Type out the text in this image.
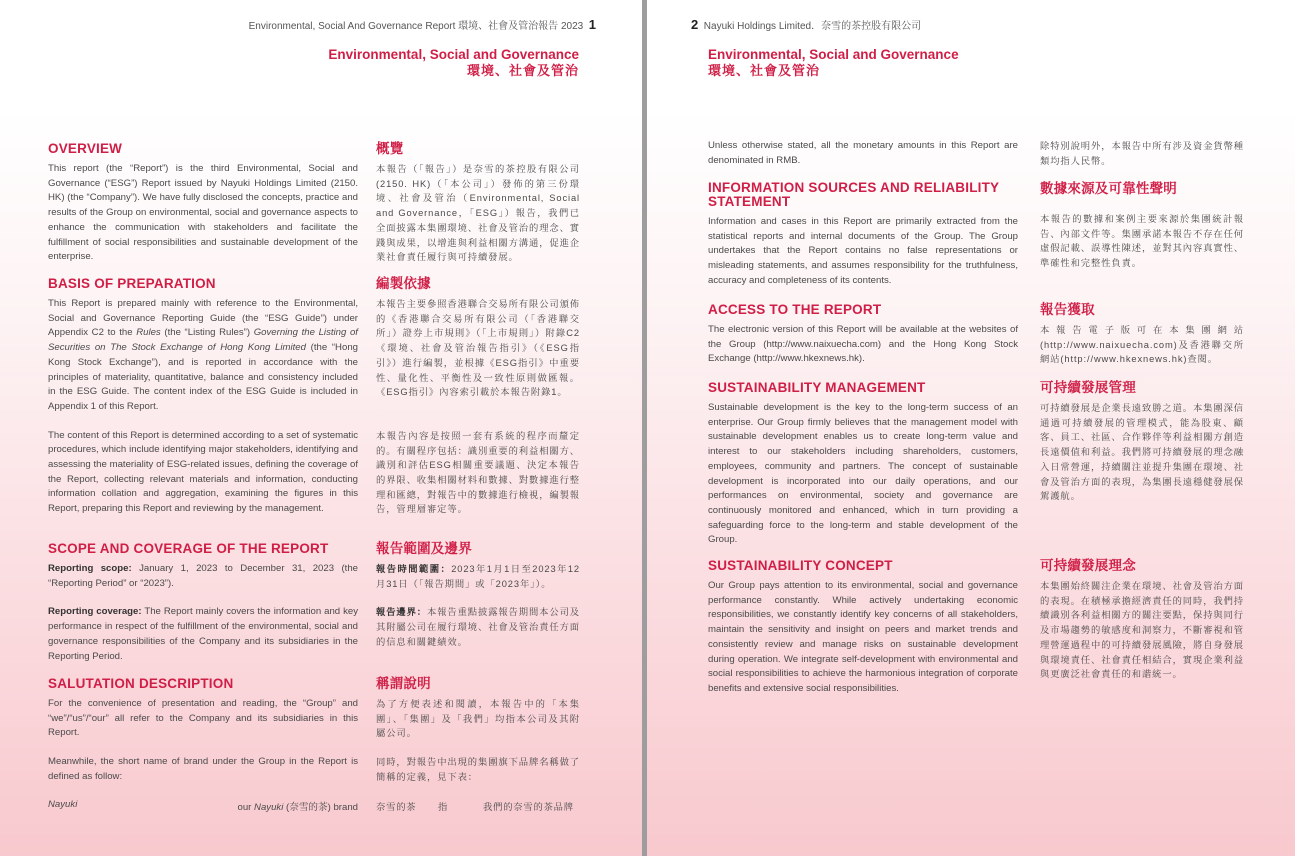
Environmental, Social And Governance Report 環境、社會及管治報告 2023 1
Environmental, Social and Governance
環境、社會及管治
OVERVIEW

This report (the “Report”) is the third Environmental, Social and Governance (“ESG”) Report issued by Nayuki Holdings Limited (2150. HK) (the “Company”). We have fully disclosed the concepts, practice and results of the Group on environmental, social and governance aspects to enhance the communication with stakeholders and facilitate the fulfillment of social responsibilities and sustainable development of the enterprise.

概覽

本報告（「報告」）是奈雪的茶控股有限公司(2150. HK)（「本公司」）發佈的第三份環境、社會及管治（Environmental, Social and Governance，「ESG」）報告，我們已全面披露本集團環境、社會及管治的理念、實踐與成果，以增進與利益相關方溝通，促進企業社會責任履行與可持續發展。

BASIS OF PREPARATION

This Report is prepared mainly with reference to the Environmental, Social and Governance Reporting Guide (the “ESG Guide”) under Appendix C2 to the Rules (the “Listing Rules”) Governing the Listing of Securities on The Stock Exchange of Hong Kong Limited (the “Hong Kong Stock Exchange”), and is reported in accordance with the principles of materiality, quantitative, balance and consistency included in the ESG Guide. The content index of the ESG Guide is included in Appendix 1 of this Report.

The content of this Report is determined according to a set of systematic procedures, which include identifying major stakeholders, identifying and assessing the materiality of ESG-related issues, defining the coverage of the Report, collecting relevant materials and information, conducting information collation and aggregation, examining the figures in this Report, preparing this Report and reviewing by the management.

編製依據

本報告主要參照香港聯合交易所有限公司頒佈的《香港聯合交易所有限公司（「香港聯交所」）證券上市規則》（「上市規則」）附錄C2《環境、社會及管治報告指引》（《ESG指引》）進行編製，並根據《ESG指引》中重要性、量化性、平衡性及一致性原則做匯報。《ESG指引》內容索引載於本報告附錄1。

本報告內容是按照一套有系統的程序而釐定的。有關程序包括：識別重要的利益相關方、識別和評估ESG相關重要議題、決定本報告的界限、收集相關材料和數據、對數據進行整理和匯總，對報告中的數據進行檢視，編製報告，管理層審定等。

SCOPE AND COVERAGE OF THE REPORT

Reporting scope: January 1, 2023 to December 31, 2023 (the “Reporting Period” or “2023”).

Reporting coverage: The Report mainly covers the information and key performance in respect of the fulfillment of the environmental, social and governance responsibilities of the Company and its subsidiaries in the Reporting Period.

報告範圍及邊界

報告時間範圍：2023年1月1日至2023年12月31日（「報告期間」或「2023年」）。

報告邊界：本報告重點披露報告期間本公司及其附屬公司在履行環境、社會及管治責任方面的信息和關鍵績效。

SALUTATION DESCRIPTION

For the convenience of presentation and reading, the “Group” and “we”/“us”/“our” all refer to the Company and its subsidiaries in this Report.

Meanwhile, the short name of brand under the Group in the Report is defined as follow:

Nayuki	our Nayuki (奈雪的茶) brand
稱謂說明

為了方便表述和閱讀，本報告中的「本集團」、「集團」及「我們」均指本公司及其附屬公司。

同時，對報告中出現的集團旗下品牌名稱做了簡稱的定義，見下表：

奈雪的茶	指	我們的奈雪的茶品牌
2 Nayuki Holdings Limited．奈雪的茶控股有限公司
Environmental, Social and Governance
環境、社會及管治

Unless otherwise stated, all the monetary amounts in this Report are denominated in RMB.

除特別說明外，本報告中所有涉及資金貨幣種類均指人民幣。

INFORMATION SOURCES AND RELIABILITY STATEMENT

Information and cases in this Report are primarily extracted from the statistical reports and internal documents of the Group. The Group undertakes that the Report contains no false representations or misleading statements, and assumes responsibility for the truthfulness, accuracy and completeness of its contents.

數據來源及可靠性聲明

本報告的數據和案例主要來源於集團統計報告、內部文件等。集團承諾本報告不存在任何虛假記載、誤導性陳述，並對其內容真實性、準確性和完整性負責。

ACCESS TO THE REPORT

The electronic version of this Report will be available at the websites of the Group (http://www.naixuecha.com) and the Hong Kong Stock Exchange (http://www.hkexnews.hk).

報告獲取

本報告電子版可在本集團網站(http://www.naixuecha.com)及香港聯交所網站(http://www.hkexnews.hk)查閱。

SUSTAINABILITY MANAGEMENT

Sustainable development is the key to the long-term success of an enterprise. Our Group firmly believes that the management model with sustainable development enables us to create long-term value and interest to our stakeholders including shareholders, customers, employees, community and partners. The concept of sustainable development is incorporated into our daily operations, and our performances on environmental, society and governance are continuously monitored and enhanced, which in turn providing a safeguarding force to the long-term and stable development of the Group.

可持續發展管理

可持續發展是企業長遠致勝之道。本集團深信通過可持續發展的管理模式，能為股東、顧客、員工、社區、合作夥伴等利益相關方創造長遠價值和利益。我們將可持續發展的理念融入日常營運，持續關注並提升集團在環境、社會及管治方面的表現，為集團長遠穩健發展保駕護航。

SUSTAINABILITY CONCEPT

Our Group pays attention to its environmental, social and governance performance constantly. While actively undertaking economic responsibilities, we constantly identify key concerns of all stakeholders, maintain the sensitivity and insight on peers and market trends and consistently review and manage risks on sustainable development during operation. We integrate self-development with environmental and social responsibilities to achieve the harmonious integration of corporate benefits and extensive social responsibilities.

可持續發展理念

本集團始終關注企業在環境、社會及管治方面的表現。在積極承擔經濟責任的同時，我們持續識別各利益相關方的關注要點，保持與同行及市場趨勢的敏感度和洞察力，不斷審視和管理營運過程中的可持續發展風險，將自身發展與環境責任、社會責任相結合，實現企業利益與更廣泛社會責任的和諧統一。
